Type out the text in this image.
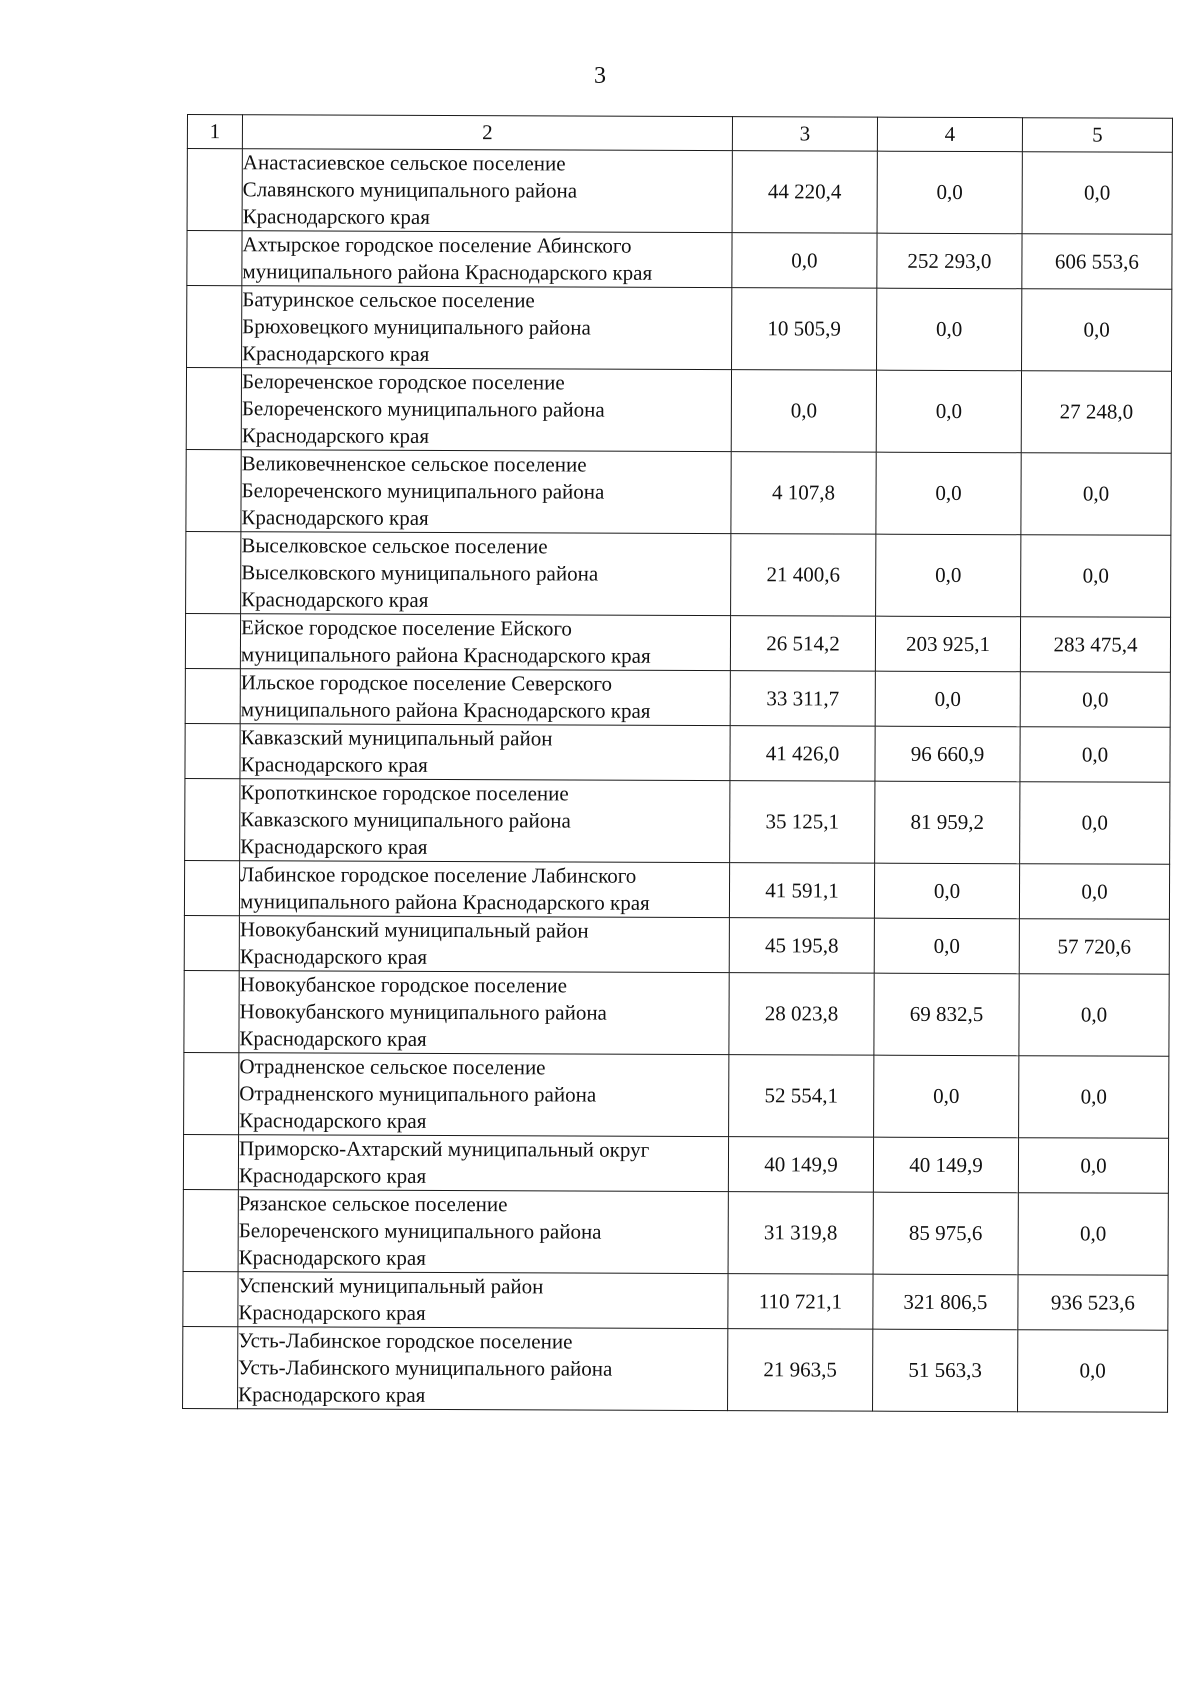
3
1	2	3	4	5
	Анастасиевское сельское поселение
Славянского муниципального района
Краснодарского края	44 220,4	0,0	0,0
	Ахтырское городское поселение Абинского
муниципального района Краснодарского края	0,0	252 293,0	606 553,6
	Батуринское сельское поселение
Брюховецкого муниципального района
Краснодарского края	10 505,9	0,0	0,0
	Белореченское городское поселение
Белореченского муниципального района
Краснодарского края	0,0	0,0	27 248,0
	Великовечненское сельское поселение
Белореченского муниципального района
Краснодарского края	4 107,8	0,0	0,0
	Выселковское сельское поселение
Выселковского муниципального района
Краснодарского края	21 400,6	0,0	0,0
	Ейское городское поселение Ейского
муниципального района Краснодарского края	26 514,2	203 925,1	283 475,4
	Ильское городское поселение Северского
муниципального района Краснодарского края	33 311,7	0,0	0,0
	Кавказский муниципальный район
Краснодарского края	41 426,0	96 660,9	0,0
	Кропоткинское городское поселение
Кавказского муниципального района
Краснодарского края	35 125,1	81 959,2	0,0
	Лабинское городское поселение Лабинского
муниципального района Краснодарского края	41 591,1	0,0	0,0
	Новокубанский муниципальный район
Краснодарского края	45 195,8	0,0	57 720,6
	Новокубанское городское поселение
Новокубанского муниципального района
Краснодарского края	28 023,8	69 832,5	0,0
	Отрадненское сельское поселение
Отрадненского муниципального района
Краснодарского края	52 554,1	0,0	0,0
	Приморско-Ахтарский муниципальный округ
Краснодарского края	40 149,9	40 149,9	0,0
	Рязанское сельское поселение
Белореченского муниципального района
Краснодарского края	31 319,8	85 975,6	0,0
	Успенский муниципальный район
Краснодарского края	110 721,1	321 806,5	936 523,6
	Усть-Лабинское городское поселение
Усть-Лабинского муниципального района
Краснодарского края	21 963,5	51 563,3	0,0
